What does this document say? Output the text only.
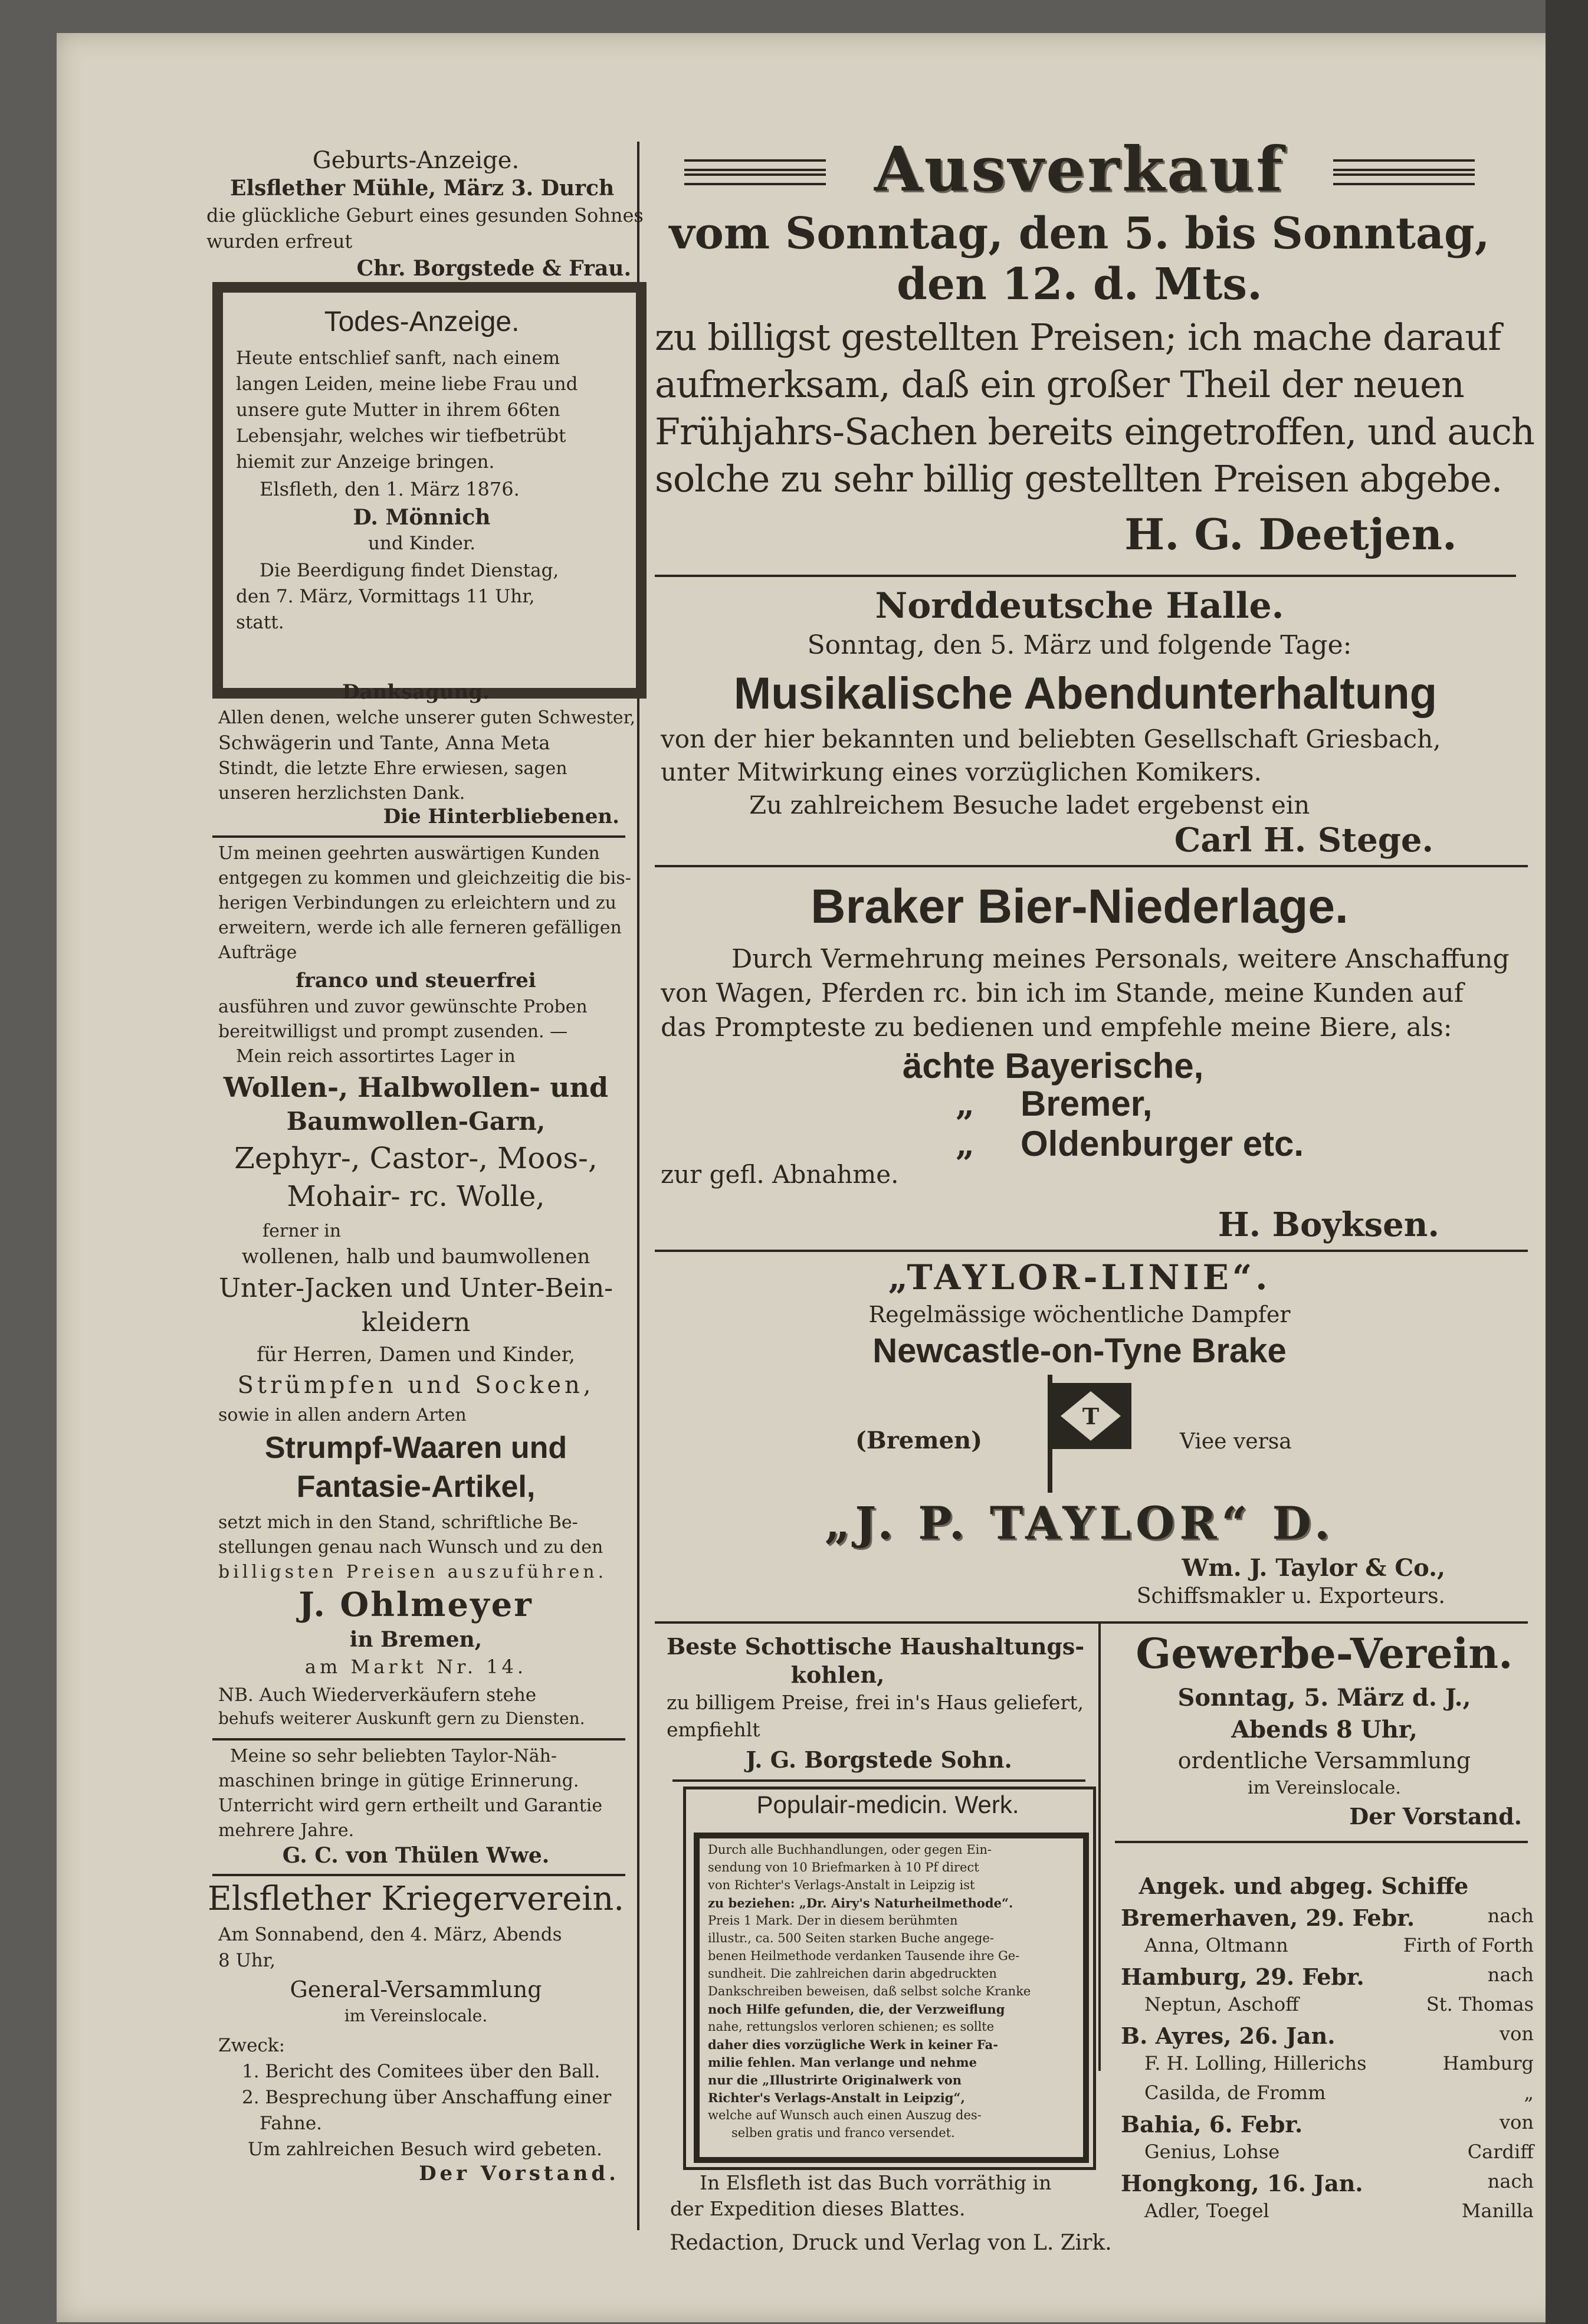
Geburts-Anzeige.

Elsflether Mühle, März 3. Durch

die glückliche Geburt eines gesunden Sohnes

wurden erfreut

Chr. Borgstede & Frau.

Todes-Anzeige.

Heute entschlief sanft, nach einem

langen Leiden, meine liebe Frau und

unsere gute Mutter in ihrem 66ten

Lebensjahr, welches wir tiefbetrübt

hiemit zur Anzeige bringen.

Elsfleth, den 1. März 1876.

D. Mönnich

und Kinder.

Die Beerdigung findet Dienstag,

den 7. März, Vormittags 11 Uhr,

statt.

Danksagung.

Allen denen, welche unserer guten Schwester,

Schwägerin und Tante, Anna Meta

Stindt, die letzte Ehre erwiesen, sagen

unseren herzlichsten Dank.

Die Hinterbliebenen.

Um meinen geehrten auswärtigen Kunden

entgegen zu kommen und gleichzeitig die bis-

herigen Verbindungen zu erleichtern und zu

erweitern, werde ich alle ferneren gefälligen

Aufträge

franco und steuerfrei

ausführen und zuvor gewünschte Proben

bereitwilligst und prompt zusenden. —

Mein reich assortirtes Lager in

Wollen-, Halbwollen- und

Baumwollen-Garn,

Zephyr-, Castor-, Moos-,

Mohair- rc. Wolle,

ferner in

wollenen, halb und baumwollenen

Unter-Jacken und Unter-Bein-

kleidern

für Herren, Damen und Kinder,

Strümpfen und Socken,

sowie in allen andern Arten

Strumpf-Waaren und

Fantasie-Artikel,

setzt mich in den Stand, schriftliche Be-

stellungen genau nach Wunsch und zu den

billigsten Preisen auszuführen.

J. Ohlmeyer

in Bremen,

am Markt Nr. 14.

NB. Auch Wiederverkäufern stehe

behufs weiterer Auskunft gern zu Diensten.

Meine so sehr beliebten Taylor-Näh-

maschinen bringe in gütige Erinnerung.

Unterricht wird gern ertheilt und Garantie

mehrere Jahre.

G. C. von Thülen Wwe.

Elsflether Kriegerverein.

Am Sonnabend, den 4. März, Abends

8 Uhr,

General-Versammlung

im Vereinslocale.

Zweck:

1. Bericht des Comitees über den Ball.

2. Besprechung über Anschaffung einer

Fahne.

Um zahlreichen Besuch wird gebeten.

Der Vorstand.

Ausverkauf

vom Sonntag, den 5. bis Sonntag,

den 12. d. Mts.

zu billigst gestellten Preisen; ich mache darauf

aufmerksam, daß ein großer Theil der neuen

Frühjahrs-Sachen bereits eingetroffen, und auch

solche zu sehr billig gestellten Preisen abgebe.

H. G. Deetjen.

Norddeutsche Halle.

Sonntag, den 5. März und folgende Tage:

Musikalische Abendunterhaltung

von der hier bekannten und beliebten Gesellschaft Griesbach,

unter Mitwirkung eines vorzüglichen Komikers.

Zu zahlreichem Besuche ladet ergebenst ein

Carl H. Stege.

Braker Bier-Niederlage.

Durch Vermehrung meines Personals, weitere Anschaffung

von Wagen, Pferden rc. bin ich im Stande, meine Kunden auf

das Prompteste zu bedienen und empfehle meine Biere, als:

ächte Bayerische,

„ Bremer,

„ Oldenburger etc.

zur gefl. Abnahme.

H. Boyksen.

„TAYLOR-LINIE“.

Regelmässige wöchentliche Dampfer

Newcastle-on-Tyne Brake

(Bremen)

T

Viee versa

„J. P. TAYLOR“ D.

Wm. J. Taylor & Co.,

Schiffsmakler u. Exporteurs.

Beste Schottische Haushaltungs-

kohlen,

zu billigem Preise, frei in's Haus geliefert,

empfiehlt

J. G. Borgstede Sohn.

Gewerbe-Verein.

Sonntag, 5. März d. J.,

Abends 8 Uhr,

ordentliche Versammlung

im Vereinslocale.

Der Vorstand.

Populair-medicin. Werk.

Durch alle Buchhandlungen, oder gegen Ein-

sendung von 10 Briefmarken à 10 Pf direct

von Richter's Verlags-Anstalt in Leipzig ist

zu beziehen: „Dr. Airy's Naturheilmethode“.

Preis 1 Mark. Der in diesem berühmten

illustr., ca. 500 Seiten starken Buche angege-

benen Heilmethode verdanken Tausende ihre Ge-

sundheit. Die zahlreichen darin abgedruckten

Dankschreiben beweisen, daß selbst solche Kranke

noch Hilfe gefunden, die, der Verzweiflung

nahe, rettungslos verloren schienen; es sollte

daher dies vorzügliche Werk in keiner Fa-

milie fehlen. Man verlange und nehme

nur die „Illustrirte Originalwerk von

Richter's Verlags-Anstalt in Leipzig“,

welche auf Wunsch auch einen Auszug des-

selben gratis und franco versendet.

In Elsfleth ist das Buch vorräthig in

der Expedition dieses Blattes.

Angek. und abgeg. Schiffe

Bremerhaven, 29. Febr.	nach

Anna, Oltmann	Firth of Forth

Hamburg, 29. Febr.	nach

Neptun, Aschoff	St. Thomas

B. Ayres, 26. Jan.	von

F. H. Lolling, Hillerichs	Hamburg

Casilda, de Fromm	„

Bahia, 6. Febr.	von

Genius, Lohse	Cardiff

Hongkong, 16. Jan.	nach

Adler, Toegel	Manilla

Redaction, Druck und Verlag von L. Zirk.
